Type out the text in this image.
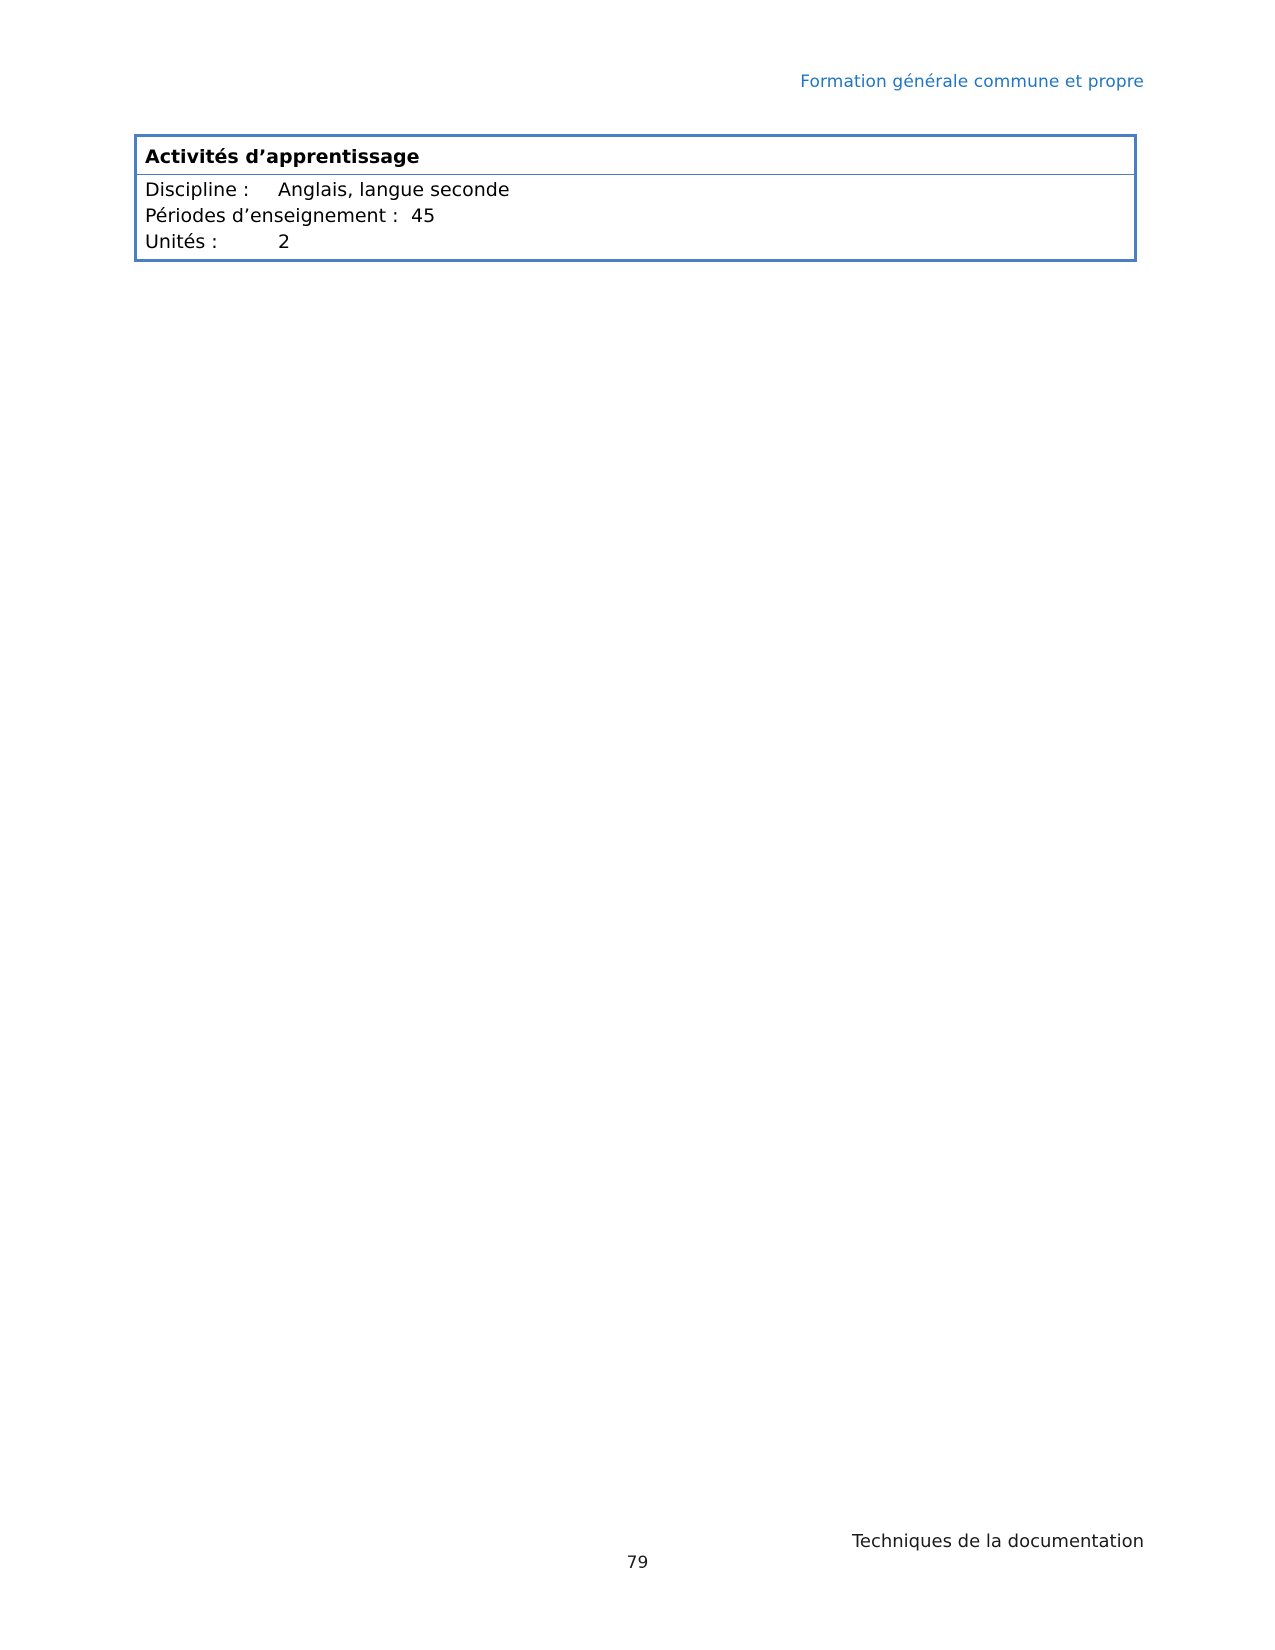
Formation générale commune et propre
Activités d’apprentissage
Discipline : Anglais, langue seconde
Périodes d’enseignement : 45
Unités :	2
Techniques de la documentation
79
